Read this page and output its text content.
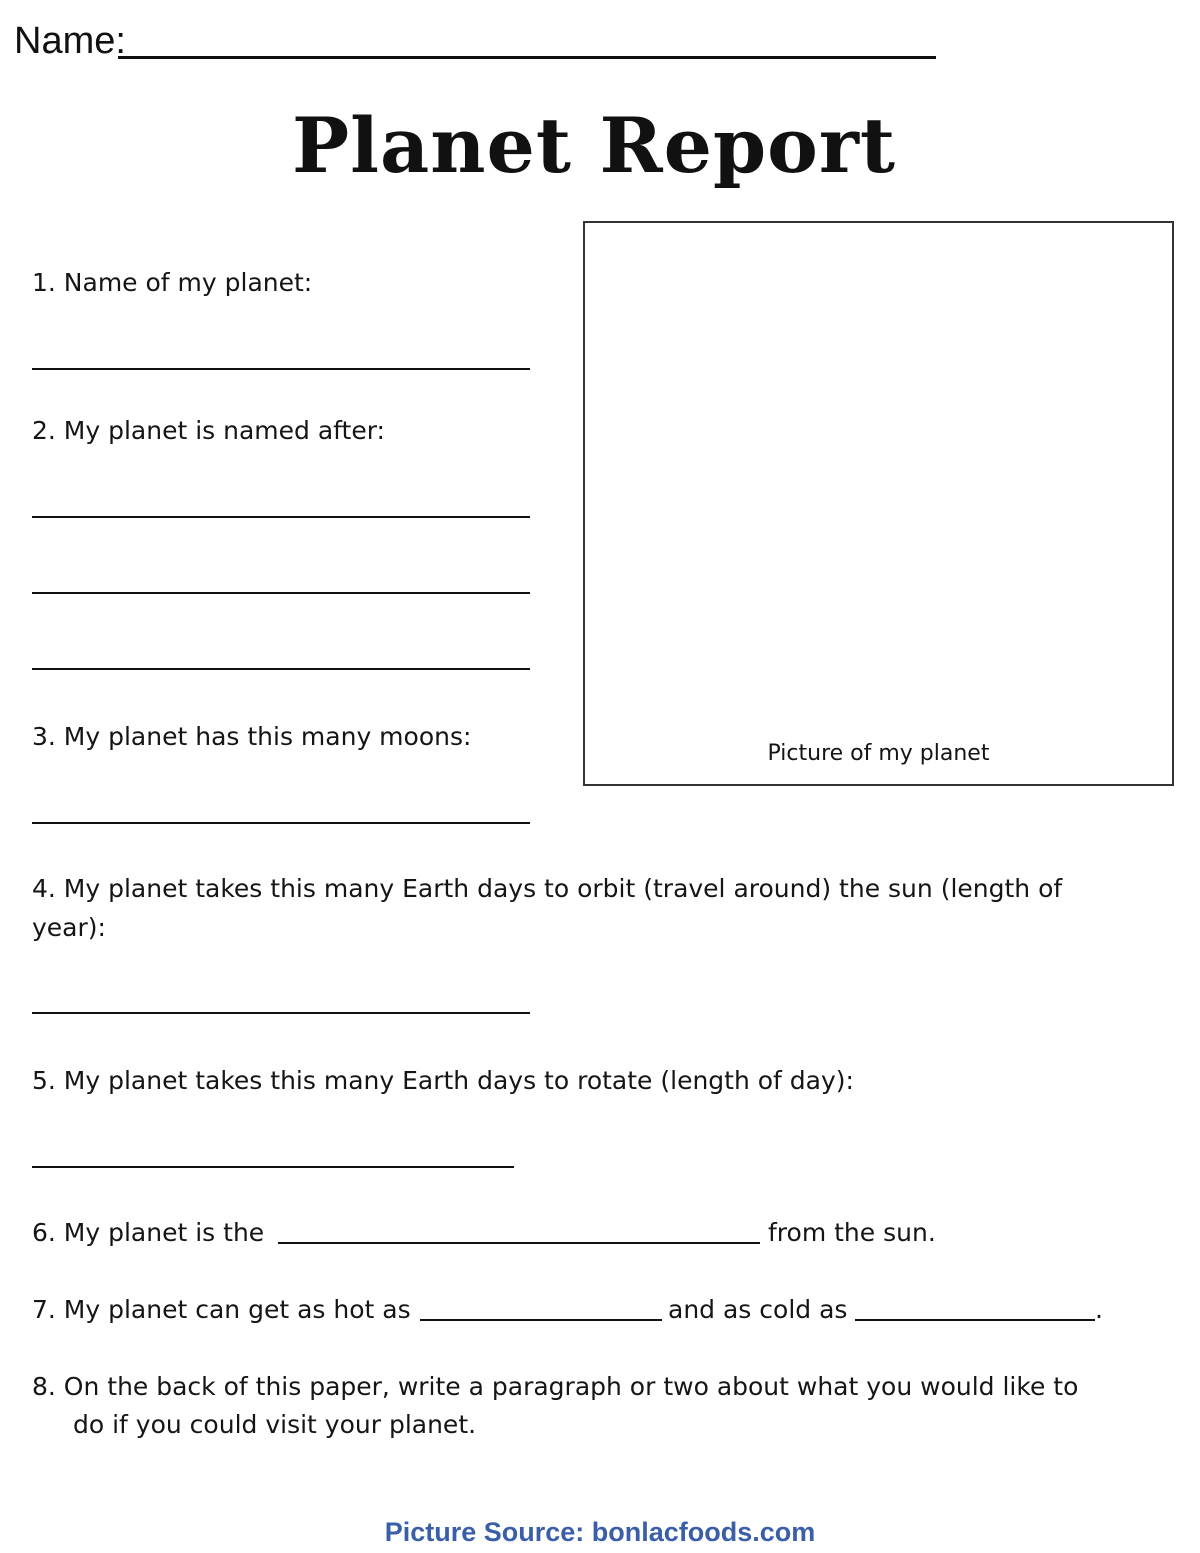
Name:
Planet Report
Picture of my planet
1. Name of my planet:
2. My planet is named after:
3. My planet has this many moons:
4. My planet takes this many Earth days to orbit (travel around) the sun (length of
year):
5. My planet takes this many Earth days to rotate (length of day):
6. My planet is the	from the sun.
7. My planet can get as hot as	and as cold as	.
8. On the back of this paper, write a paragraph or two about what you would like to
do if you could visit your planet.
Picture Source: bonlacfoods.com
